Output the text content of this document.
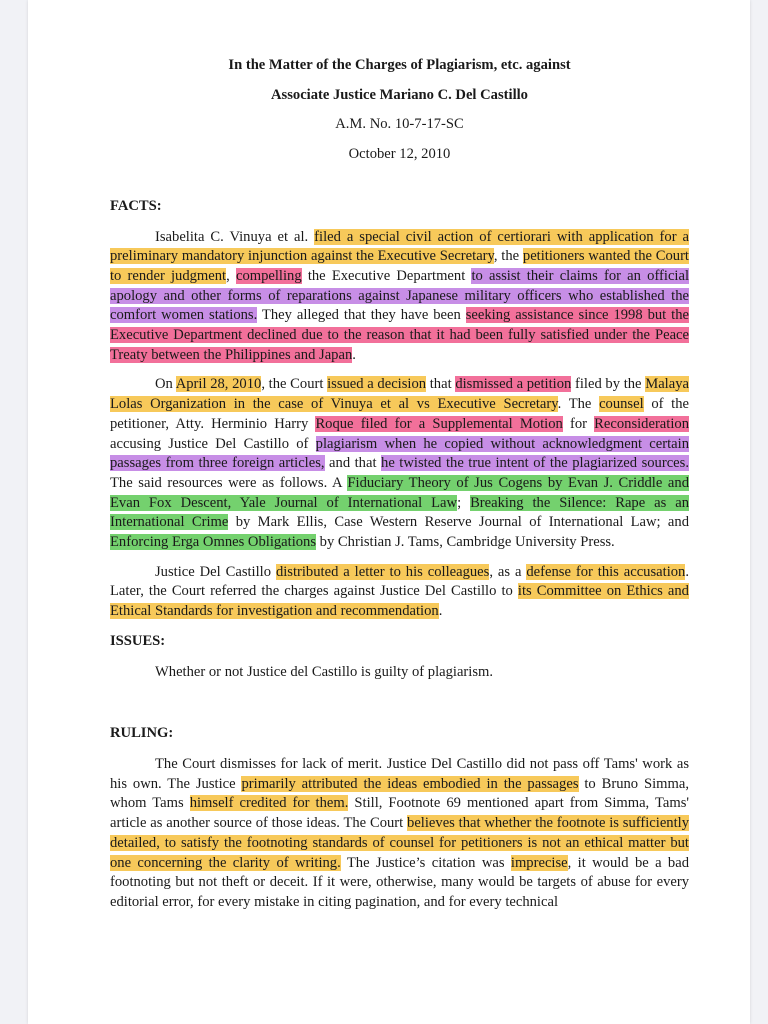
In the Matter of the Charges of Plagiarism, etc. against
Associate Justice Mariano C. Del Castillo
A.M. No. 10-7-17-SC
October 12, 2010
FACTS:

Isabelita C. Vinuya et al. filed a special civil action of certiorari with application for a preliminary mandatory injunction against the Executive Secretary, the petitioners wanted the Court to render judgment, compelling the Executive Department to assist their claims for an official apology and other forms of reparations against Japanese military officers who established the comfort women stations. They alleged that they have been seeking assistance since 1998 but the Executive Department declined due to the reason that it had been fully satisfied under the Peace Treaty between the Philippines and Japan.

On April 28, 2010, the Court issued a decision that dismissed a petition filed by the Malaya Lolas Organization in the case of Vinuya et al vs Executive Secretary. The counsel of the petitioner, Atty. Herminio Harry Roque filed for a Supplemental Motion for Reconsideration accusing Justice Del Castillo of plagiarism when he copied without acknowledgment certain passages from three foreign articles, and that he twisted the true intent of the plagiarized sources. The said resources were as follows. A Fiduciary Theory of Jus Cogens by Evan J. Criddle and Evan Fox Descent, Yale Journal of International Law; Breaking the Silence: Rape as an International Crime by Mark Ellis, Case Western Reserve Journal of International Law; and Enforcing Erga Omnes Obligations by Christian J. Tams, Cambridge University Press.

Justice Del Castillo distributed a letter to his colleagues, as a defense for this accusation. Later, the Court referred the charges against Justice Del Castillo to its Committee on Ethics and Ethical Standards for investigation and recommendation.

ISSUES:

Whether or not Justice del Castillo is guilty of plagiarism.

RULING:

The Court dismisses for lack of merit. Justice Del Castillo did not pass off Tams' work as his own. The Justice primarily attributed the ideas embodied in the passages to Bruno Simma, whom Tams himself credited for them. Still, Footnote 69 mentioned apart from Simma, Tams' article as another source of those ideas. The Court believes that whether the footnote is sufficiently detailed, to satisfy the footnoting standards of counsel for petitioners is not an ethical matter but one concerning the clarity of writing. The Justice’s citation was imprecise, it would be a bad footnoting but not theft or deceit. If it were, otherwise, many would be targets of abuse for every editorial error, for every mistake in citing pagination, and for every technical
